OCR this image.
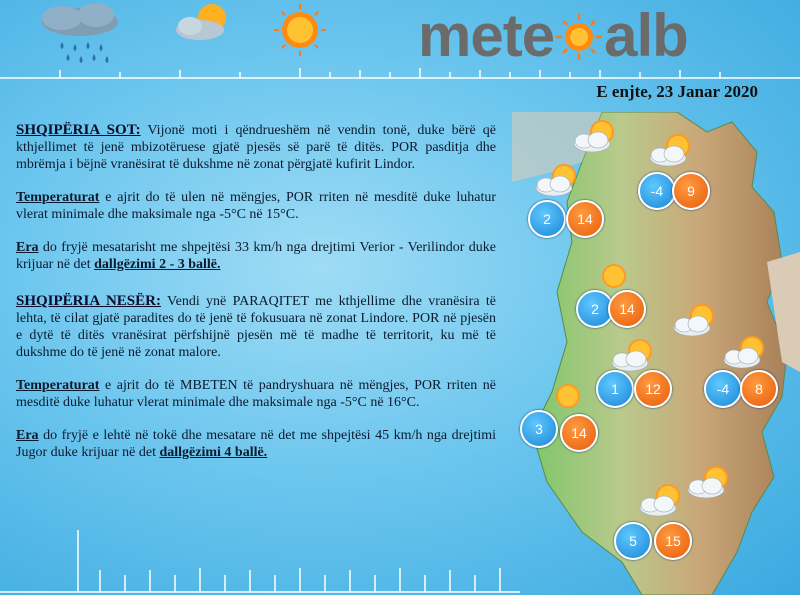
mete alb
E enjte, 23 Janar 2020

SHQIPËRIA SOT: Vijonë moti i qëndrueshëm në vendin tonë, duke bërë që kthjellimet të jenë mbizotëruese gjatë pjesës së parë të ditës. POR pasditja dhe mbrëmja i bëjnë vranësirat të dukshme në zonat përgjatë kufirit Lindor.

Temperaturat e ajrit do të ulen në mëngjes, POR rriten në mesditë duke luhatur vlerat minimale dhe maksimale nga -5°C në 15°C.

Era do fryjë mesatarisht me shpejtësi 33 km/h nga drejtimi Verior - Verilindor duke krijuar në det dallgëzimi 2 - 3 ballë.

SHQIPËRIA NESËR: Vendi ynë PARAQITET me kthjellime dhe vranësira të lehta, të cilat gjatë paradites do të jenë të fokusuara në zonat Lindore. POR në pjesën e dytë të ditës vranësirat përfshijnë pjesën më të madhe të territorit, ku më të dukshme do të jenë në zonat malore.

Temperaturat e ajrit do të MBETEN të pandryshuara në mëngjes, POR rriten në mesditë duke luhatur vlerat minimale dhe maksimale nga -5°C në 16°C.

Era do fryjë e lehtë në tokë dhe mesatare në det me shpejtësi 45 km/h nga drejtimi Jugor duke krijuar në det dallgëzimi 4 ballë.

-4	9
2	14
2	14
1	12	-4	8
3	14
5	15
